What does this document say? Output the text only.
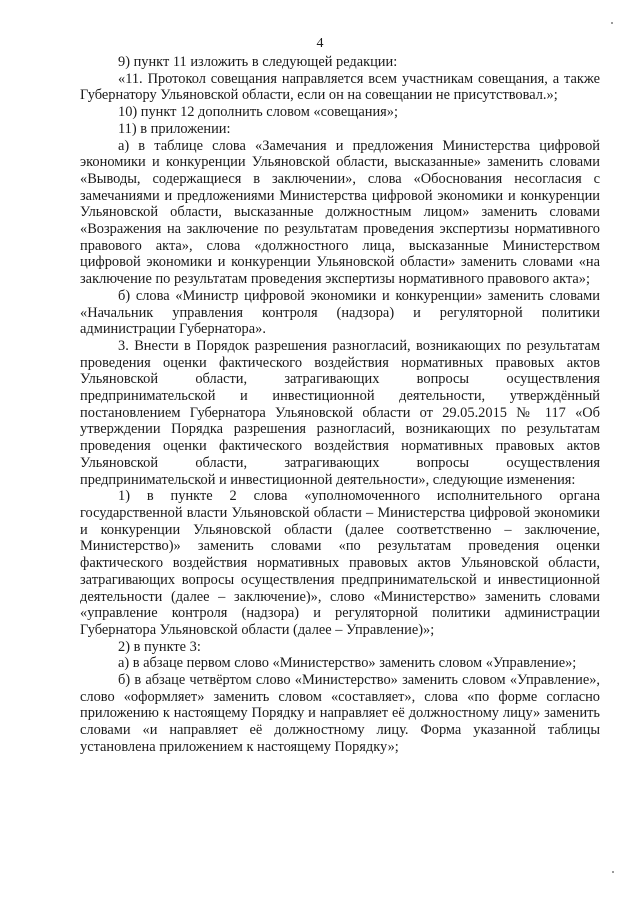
4

9) пункт 11 изложить в следующей редакции:

«11. Протокол совещания направляется всем участникам совещания, а также Губернатору Ульяновской области, если он на совещании не присутствовал.»;

10) пункт 12 дополнить словом «совещания»;

11) в приложении:

а) в таблице слова «Замечания и предложения Министерства цифровой экономики и конкуренции Ульяновской области, высказанные» заменить словами «Выводы, содержащиеся в заключении», слова «Обоснования несогласия с замечаниями и предложениями Министерства цифровой экономики и конкуренции Ульяновской области, высказанные должностным лицом» заменить словами «Возражения на заключение по результатам проведения экспертизы нормативного правового акта», слова «должностного лица, высказанные Министерством цифровой экономики и конкуренции Ульяновской области» заменить словами «на заключение по результатам проведения экспертизы нормативного правового акта»;

б) слова «Министр цифровой экономики и конкуренции» заменить словами «Начальник управления контроля (надзора) и регуляторной политики администрации Губернатора».

3. Внести в Порядок разрешения разногласий, возникающих по результатам проведения оценки фактического воздействия нормативных правовых актов Ульяновской области, затрагивающих вопросы осуществления предпринимательской и инвестиционной деятельности, утверждённый постановлением Губернатора Ульяновской области от 29.05.2015 № 117 «Об утверждении Порядка разрешения разногласий, возникающих по результатам проведения оценки фактического воздействия нормативных правовых актов Ульяновской области, затрагивающих вопросы осуществления предпринимательской и инвестиционной деятельности», следующие изменения:

1) в пункте 2 слова «уполномоченного исполнительного органа государственной власти Ульяновской области – Министерства цифровой экономики и конкуренции Ульяновской области (далее соответственно – заключение, Министерство)» заменить словами «по результатам проведения оценки фактического воздействия нормативных правовых актов Ульяновской области, затрагивающих вопросы осуществления предпринимательской и инвестиционной деятельности (далее – заключение)», слово «Министерство» заменить словами «управление контроля (надзора) и регуляторной политики администрации Губернатора Ульяновской области (далее – Управление)»;

2) в пункте 3:

а) в абзаце первом слово «Министерство» заменить словом «Управление»;

б) в абзаце четвёртом слово «Министерство» заменить словом «Управление», слово «оформляет» заменить словом «составляет», слова «по форме согласно приложению к настоящему Порядку и направляет её должностному лицу» заменить словами «и направляет её должностному лицу. Форма указанной таблицы установлена приложением к настоящему Порядку»;
